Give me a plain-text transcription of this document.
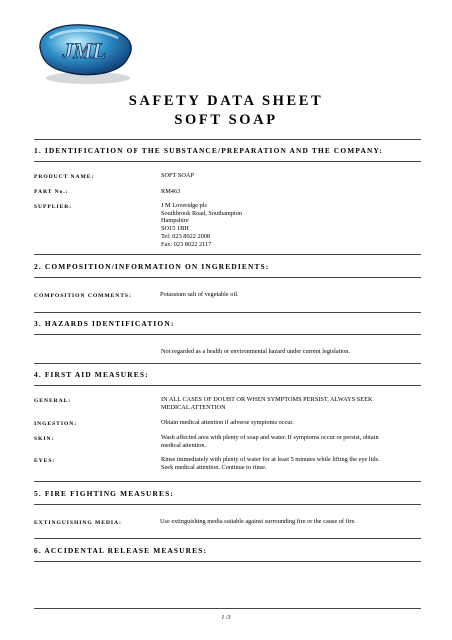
JML
SAFETY DATA SHEET
SOFT SOAP
1. IDENTIFICATION OF THE SUBSTANCE/PREPARATION AND THE COMPANY:
PRODUCT NAME:	SOFT SOAP
PART No.:	RM463
SUPPLIER:	J M Loveridge plc
Southbrook Road, Southampton
Hampshire
SO15 1BH
Tel: 023 8022 2008
Fax: 023 8022 2117
2. COMPOSITION/INFORMATION ON INGREDIENTS:
COMPOSITION COMMENTS:	Potassium salt of vegetable oil.
3. HAZARDS IDENTIFICATION:
Not regarded as a health or environmental hazard under current legislation.
4. FIRST AID MEASURES:
GENERAL:	IN ALL CASES OF DOUBT OR WHEN SYMPTOMS PERSIST, ALWAYS SEEK
MEDICAL ATTENTION
INGESTION:	Obtain medical attention if adverse symptoms occur.
SKIN:	Wash affected area with plenty of soap and water. If symptoms occur or persist, obtain
medical attention.
EYES:	Rinse immediately with plenty of water for at least 5 minutes while lifting the eye lids.
Seek medical attention. Continue to rinse.
5. FIRE FIGHTING MEASURES:
EXTINGUISHING MEDIA:	Use extinguishing media suitable against surrounding fire or the cause of fire.
6. ACCIDENTAL RELEASE MEASURES:
1 /3
